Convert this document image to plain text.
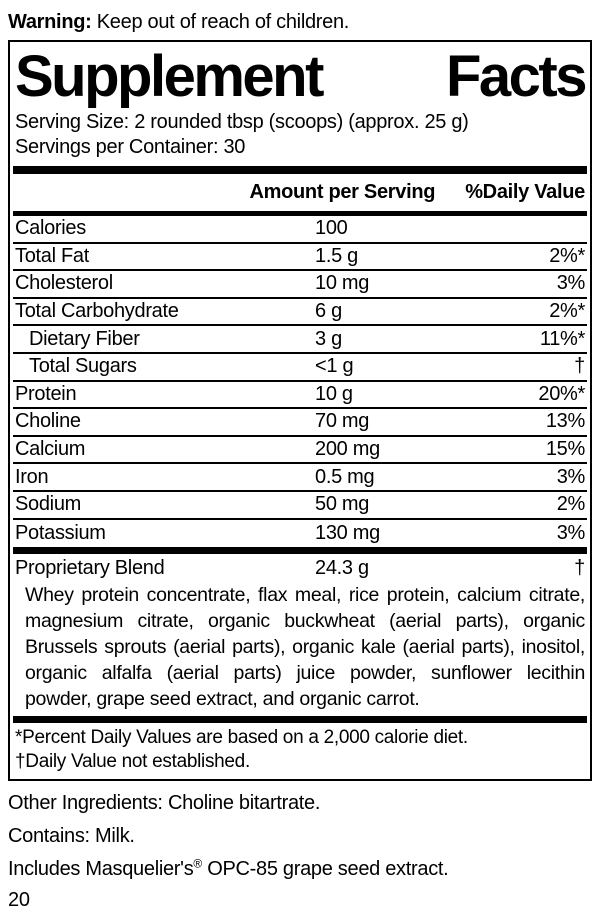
Warning: Keep out of reach of children.
Supplement Facts
Serving Size: 2 rounded tbsp (scoops) (approx. 25 g)
Servings per Container: 30
Amount per Serving %Daily Value
Calories	100
Total Fat	1.5 g	2%*
Cholesterol	10 mg	3%
Total Carbohydrate	6 g	2%*
Dietary Fiber	3 g	11%*
Total Sugars	<1 g	†
Protein	10 g	20%*
Choline	70 mg	13%
Calcium	200 mg	15%
Iron	0.5 mg	3%
Sodium	50 mg	2%
Potassium	130 mg	3%
Proprietary Blend	24.3 g	†
Whey protein concentrate, flax meal, rice protein, calcium citrate, magnesium citrate, organic buckwheat (aerial parts), organic Brussels sprouts (aerial parts), organic kale (aerial parts), inositol, organic alfalfa (aerial parts) juice powder, sunflower lecithin powder, grape seed extract, and organic carrot.
*Percent Daily Values are based on a 2,000 calorie diet.
†Daily Value not established.
Other Ingredients: Choline bitartrate.
Contains: Milk.
Includes Masquelier's® OPC-85 grape seed extract.
20
